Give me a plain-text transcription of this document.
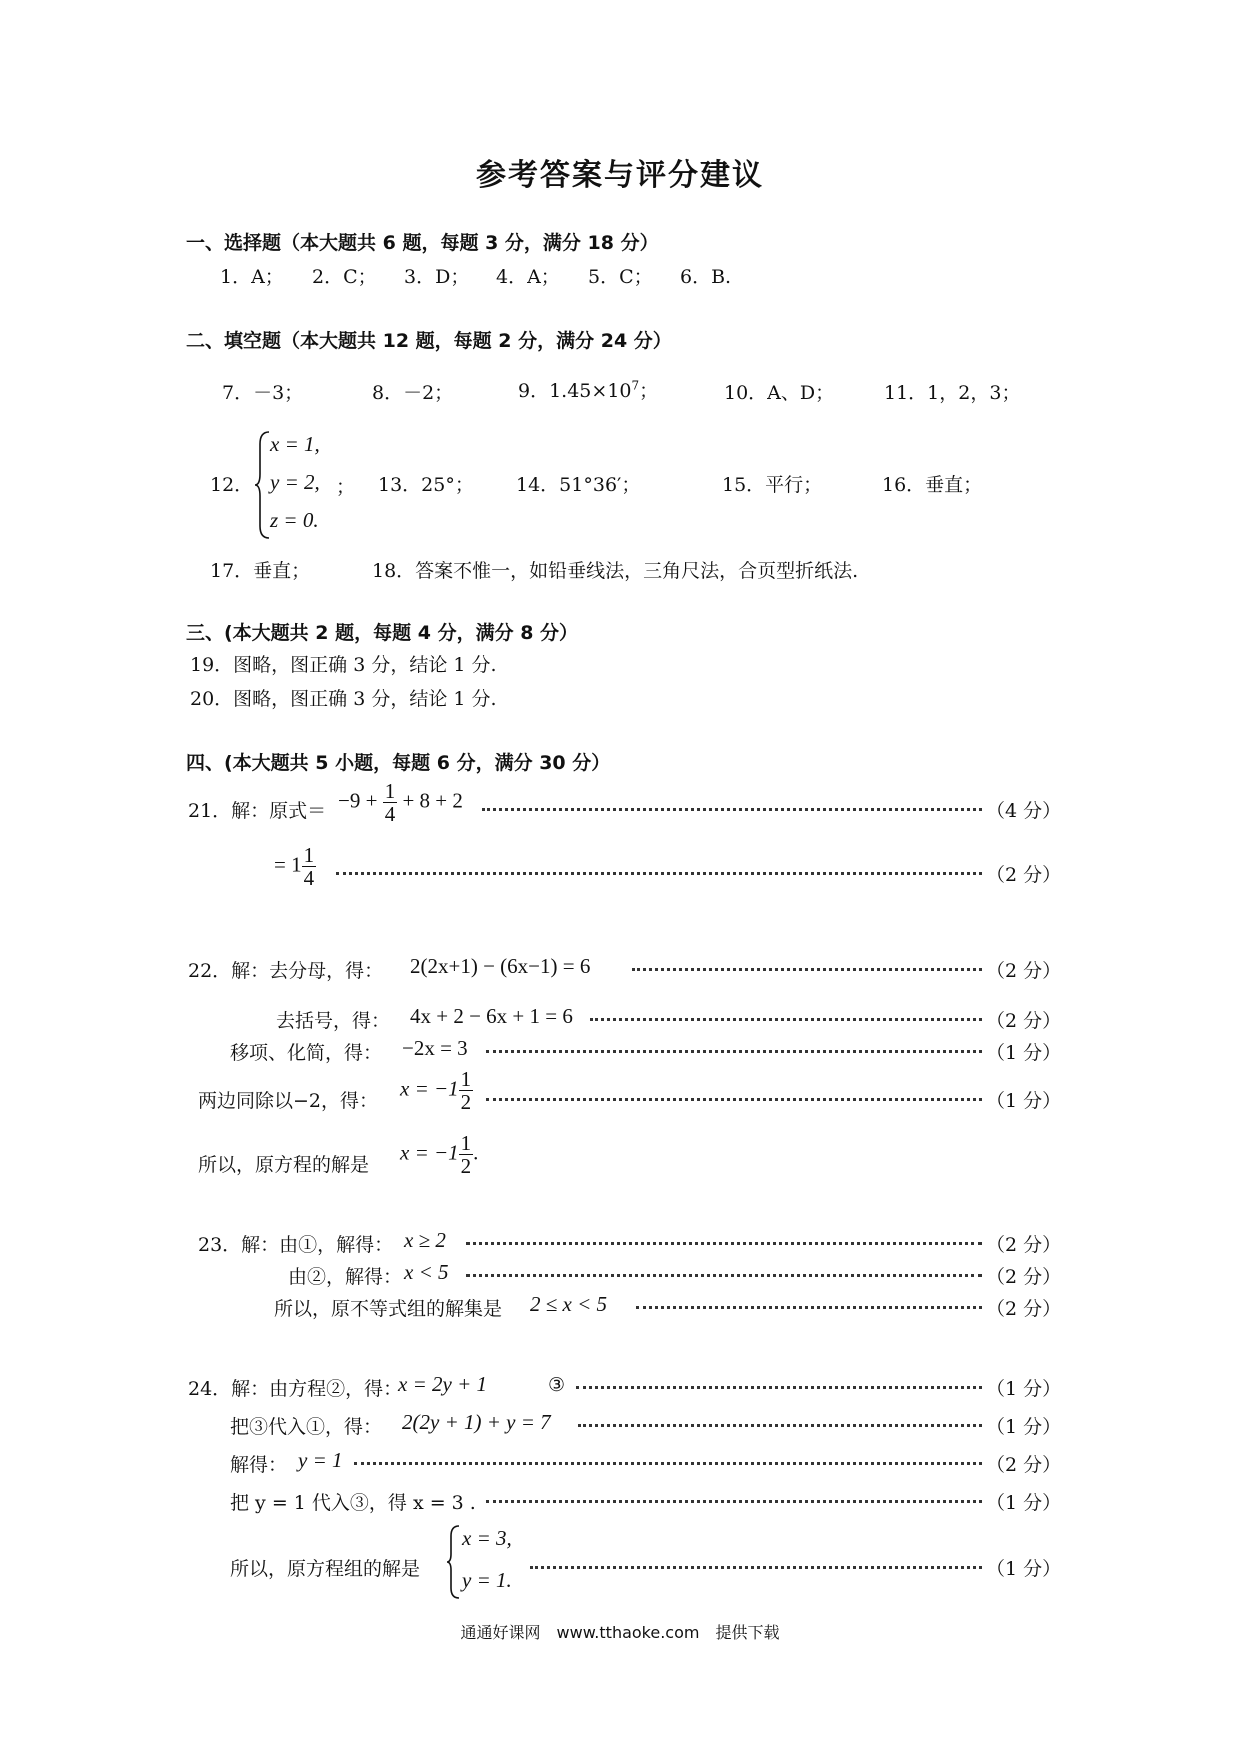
参考答案与评分建议
一、选择题（本大题共 6 题，每题 3 分，满分 18 分）
1．A； 2．C； 3．D； 4．A； 5．C； 6．B.
二、填空题（本大题共 12 题，每题 2 分，满分 24 分）
7．－3；	8．－2；	9．$1.45\times 10^7$；	10．A、D；	11．1，2，3；
12．
x = 1,
y = 2,
z = 0.
； 13．25°； 14．51°36′；	15．平行；	16．垂直；
17．垂直；	18．答案不惟一，如铅垂线法，三角尺法，合页型折纸法.
三、(本大题共 2 题，每题 4 分，满分 8 分）
19．图略，图正确 3 分，结论 1 分.
20．图略，图正确 3 分，结论 1 分.
四、(本大题共 5 小题，每题 6 分，满分 30 分）
21．解：原式＝ $-9 + \frac{1}{4} + 8 + 2$	（4 分）
= $1 \frac{1}{4}$	（2 分）
22．解：去分母，得： 2(2x+1) − (6x−1) = 6	（2 分）
去括号，得： 4x + 2 − 6x + 1 = 6	（2 分）
移项、化简，得： −2x = 3	（1 分）
两边同除以−2，得：
$x = -1 \frac{1}{2}$	（1 分）
所以，原方程的解是
$x = -1 \frac{1}{2}$ .
23．解：由①，解得： x ≥ 2	（2 分）
由②，解得： x < 5	（2 分）
所以，原不等式组的解集是 2 ≤ x < 5	（2 分）
24．解：由方程②，得：
x = 2y + 1	③	（1 分）
把③代入①，得： 2(2y + 1) + y = 7	（1 分）
解得： y = 1	（2 分）
把 y = 1 代入③，得 x = 3 .	（1 分）
所以，原方程组的解是
x = 3,
y = 1.	（1 分）
通通好课网　www.tthaoke.com　提供下载
